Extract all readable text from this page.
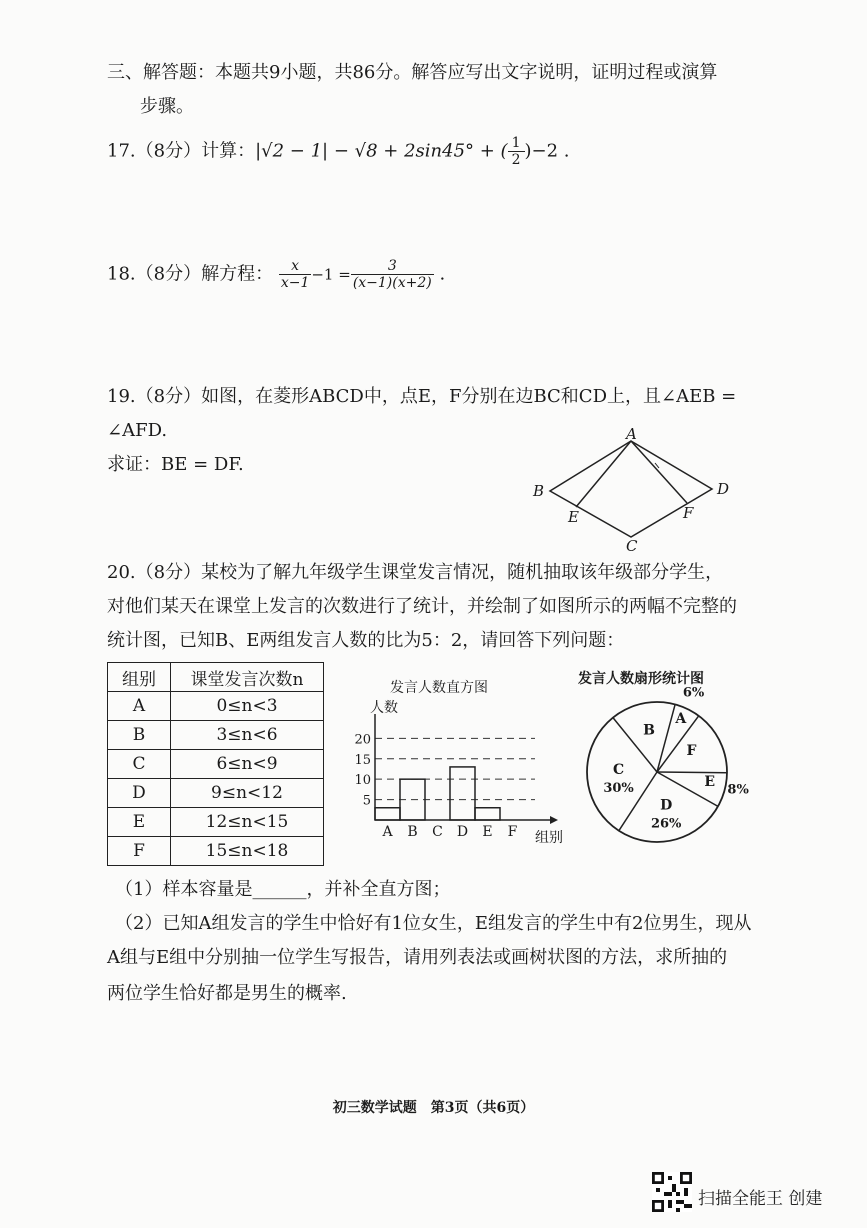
三、解答题：本题共9小题，共86分。解答应写出文字说明，证明过程或演算
步骤。
17.（8分）计算：|√2 − 1| − √8 + 2sin45° + ( $\frac{1}{2} )-2$ .
18.（8分）解方程： $\frac{x}{x-1} -1 = \frac{3}{(x-1)(x+2)}$ .
19.（8分）如图，在菱形ABCD中，点E，F分别在边BC和CD上，且∠AEB =
∠AFD.
求证：BE = DF.
A
B
C
D
E	F
20.（8分）某校为了解九年级学生课堂发言情况，随机抽取该年级部分学生，
对他们某天在课堂上发言的次数进行了统计，并绘制了如图所示的两幅不完整的
统计图，已知B、E两组发言人数的比为5：2，请回答下列问题：
组别	课堂发言次数n
A	0≤n<3
B	3≤n<6
C	6≤n<9
D	9≤n<12
E	12≤n<15
F	15≤n<18
发言人数直方图
人数
组别
5
10
15
20
A B C D E F
发言人数扇形统计图
A
6%
F
E
8%
D
26%
C
30%
B
（1）样本容量是______，并补全直方图；
（2）已知A组发言的学生中恰好有1位女生，E组发言的学生中有2位男生，现从
A组与E组中分别抽一位学生写报告，请用列表法或画树状图的方法，求所抽的
两位学生恰好都是男生的概率.
初三数学试题　第3页（共6页）
扫描全能王 创建
